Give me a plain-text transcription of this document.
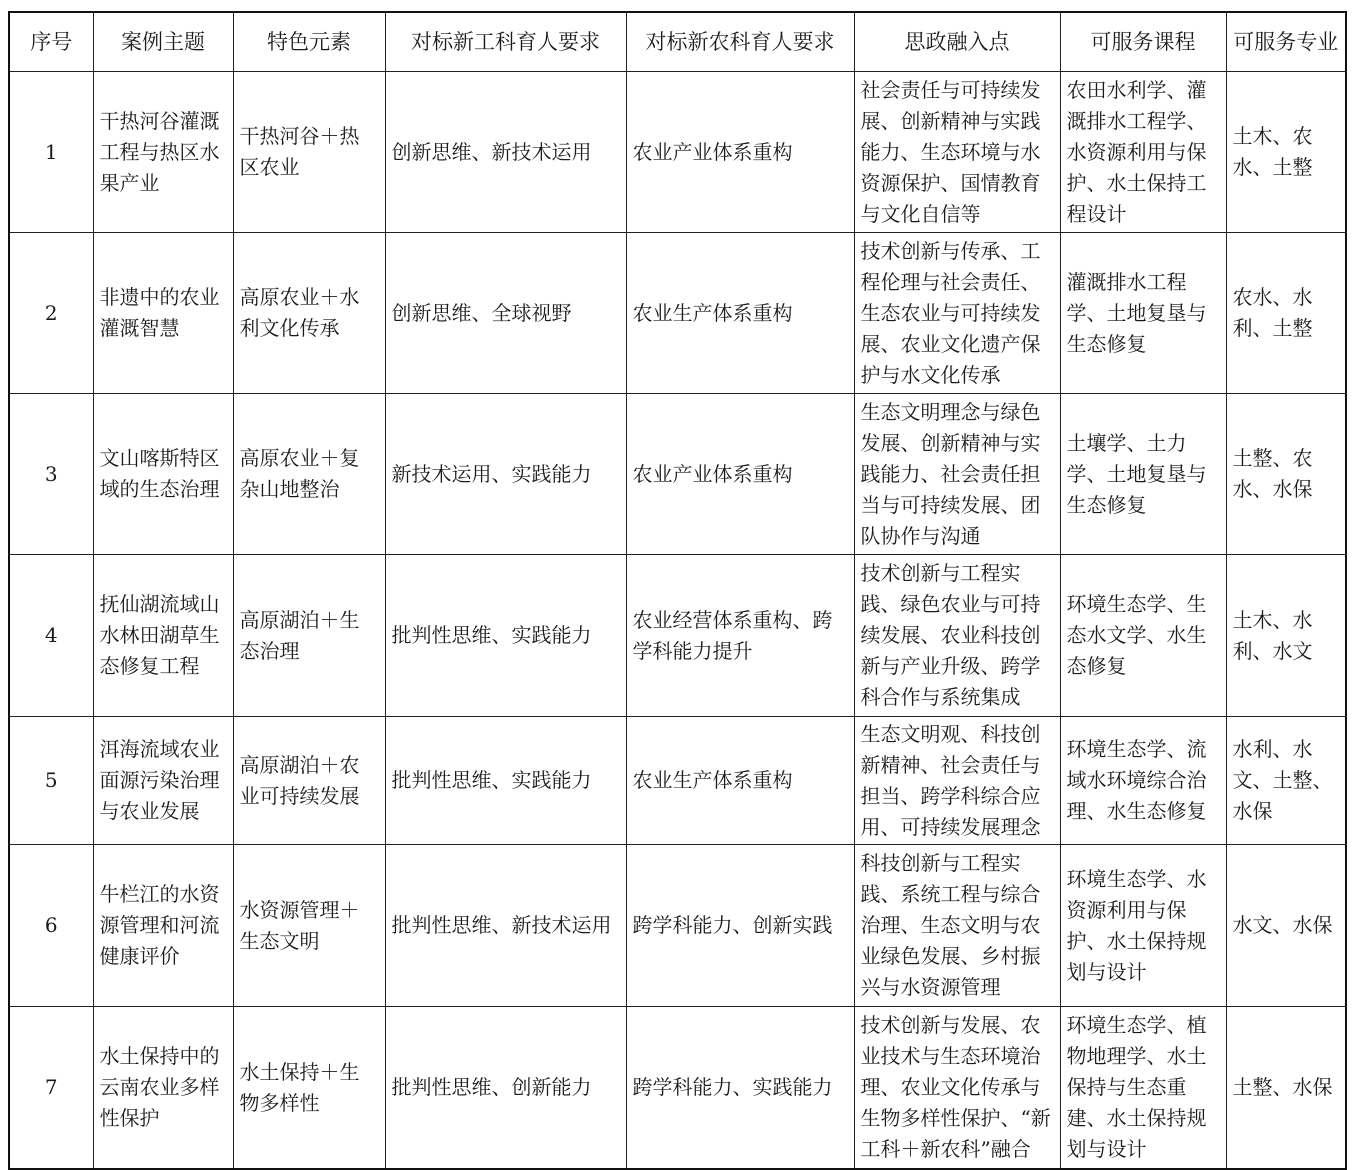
序号	案例主题	特色元素	对标新工科育人要求	对标新农科育人要求	思政融入点	可服务课程	可服务专业
1	干热河谷灌溉工程与热区水果产业	干热河谷＋热区农业	创新思维、新技术运用	农业产业体系重构	社会责任与可持续发展、创新精神与实践能力、生态环境与水资源保护、国情教育与文化自信等	农田水利学、灌溉排水工程学、水资源利用与保护、水土保持工程设计	土木、农水、土整
2	非遗中的农业灌溉智慧	高原农业＋水利文化传承	创新思维、全球视野	农业生产体系重构	技术创新与传承、工程伦理与社会责任、生态农业与可持续发展、农业文化遗产保护与水文化传承	灌溉排水工程学、土地复垦与生态修复	农水、水利、土整
3	文山喀斯特区域的生态治理	高原农业＋复杂山地整治	新技术运用、实践能力	农业产业体系重构	生态文明理念与绿色发展、创新精神与实践能力、社会责任担当与可持续发展、团队协作与沟通	土壤学、土力学、土地复垦与生态修复	土整、农水、水保
4	抚仙湖流域山水林田湖草生态修复工程	高原湖泊＋生态治理	批判性思维、实践能力	农业经营体系重构、跨学科能力提升	技术创新与工程实践、绿色农业与可持续发展、农业科技创新与产业升级、跨学科合作与系统集成	环境生态学、生态水文学、水生态修复	土木、水利、水文
5	洱海流域农业面源污染治理与农业发展	高原湖泊＋农业可持续发展	批判性思维、实践能力	农业生产体系重构	生态文明观、科技创新精神、社会责任与担当、跨学科综合应用、可持续发展理念	环境生态学、流域水环境综合治理、水生态修复	水利、水文、土整、水保
6	牛栏江的水资源管理和河流健康评价	水资源管理＋生态文明	批判性思维、新技术运用	跨学科能力、创新实践	科技创新与工程实践、系统工程与综合治理、生态文明与农业绿色发展、乡村振兴与水资源管理	环境生态学、水资源利用与保护、水土保持规划与设计	水文、水保
7	水土保持中的云南农业多样性保护	水土保持＋生物多样性	批判性思维、创新能力	跨学科能力、实践能力	技术创新与发展、农业技术与生态环境治理、农业文化传承与生物多样性保护、“新工科＋新农科”融合	环境生态学、植物地理学、水土保持与生态重建、水土保持规划与设计	土整、水保
